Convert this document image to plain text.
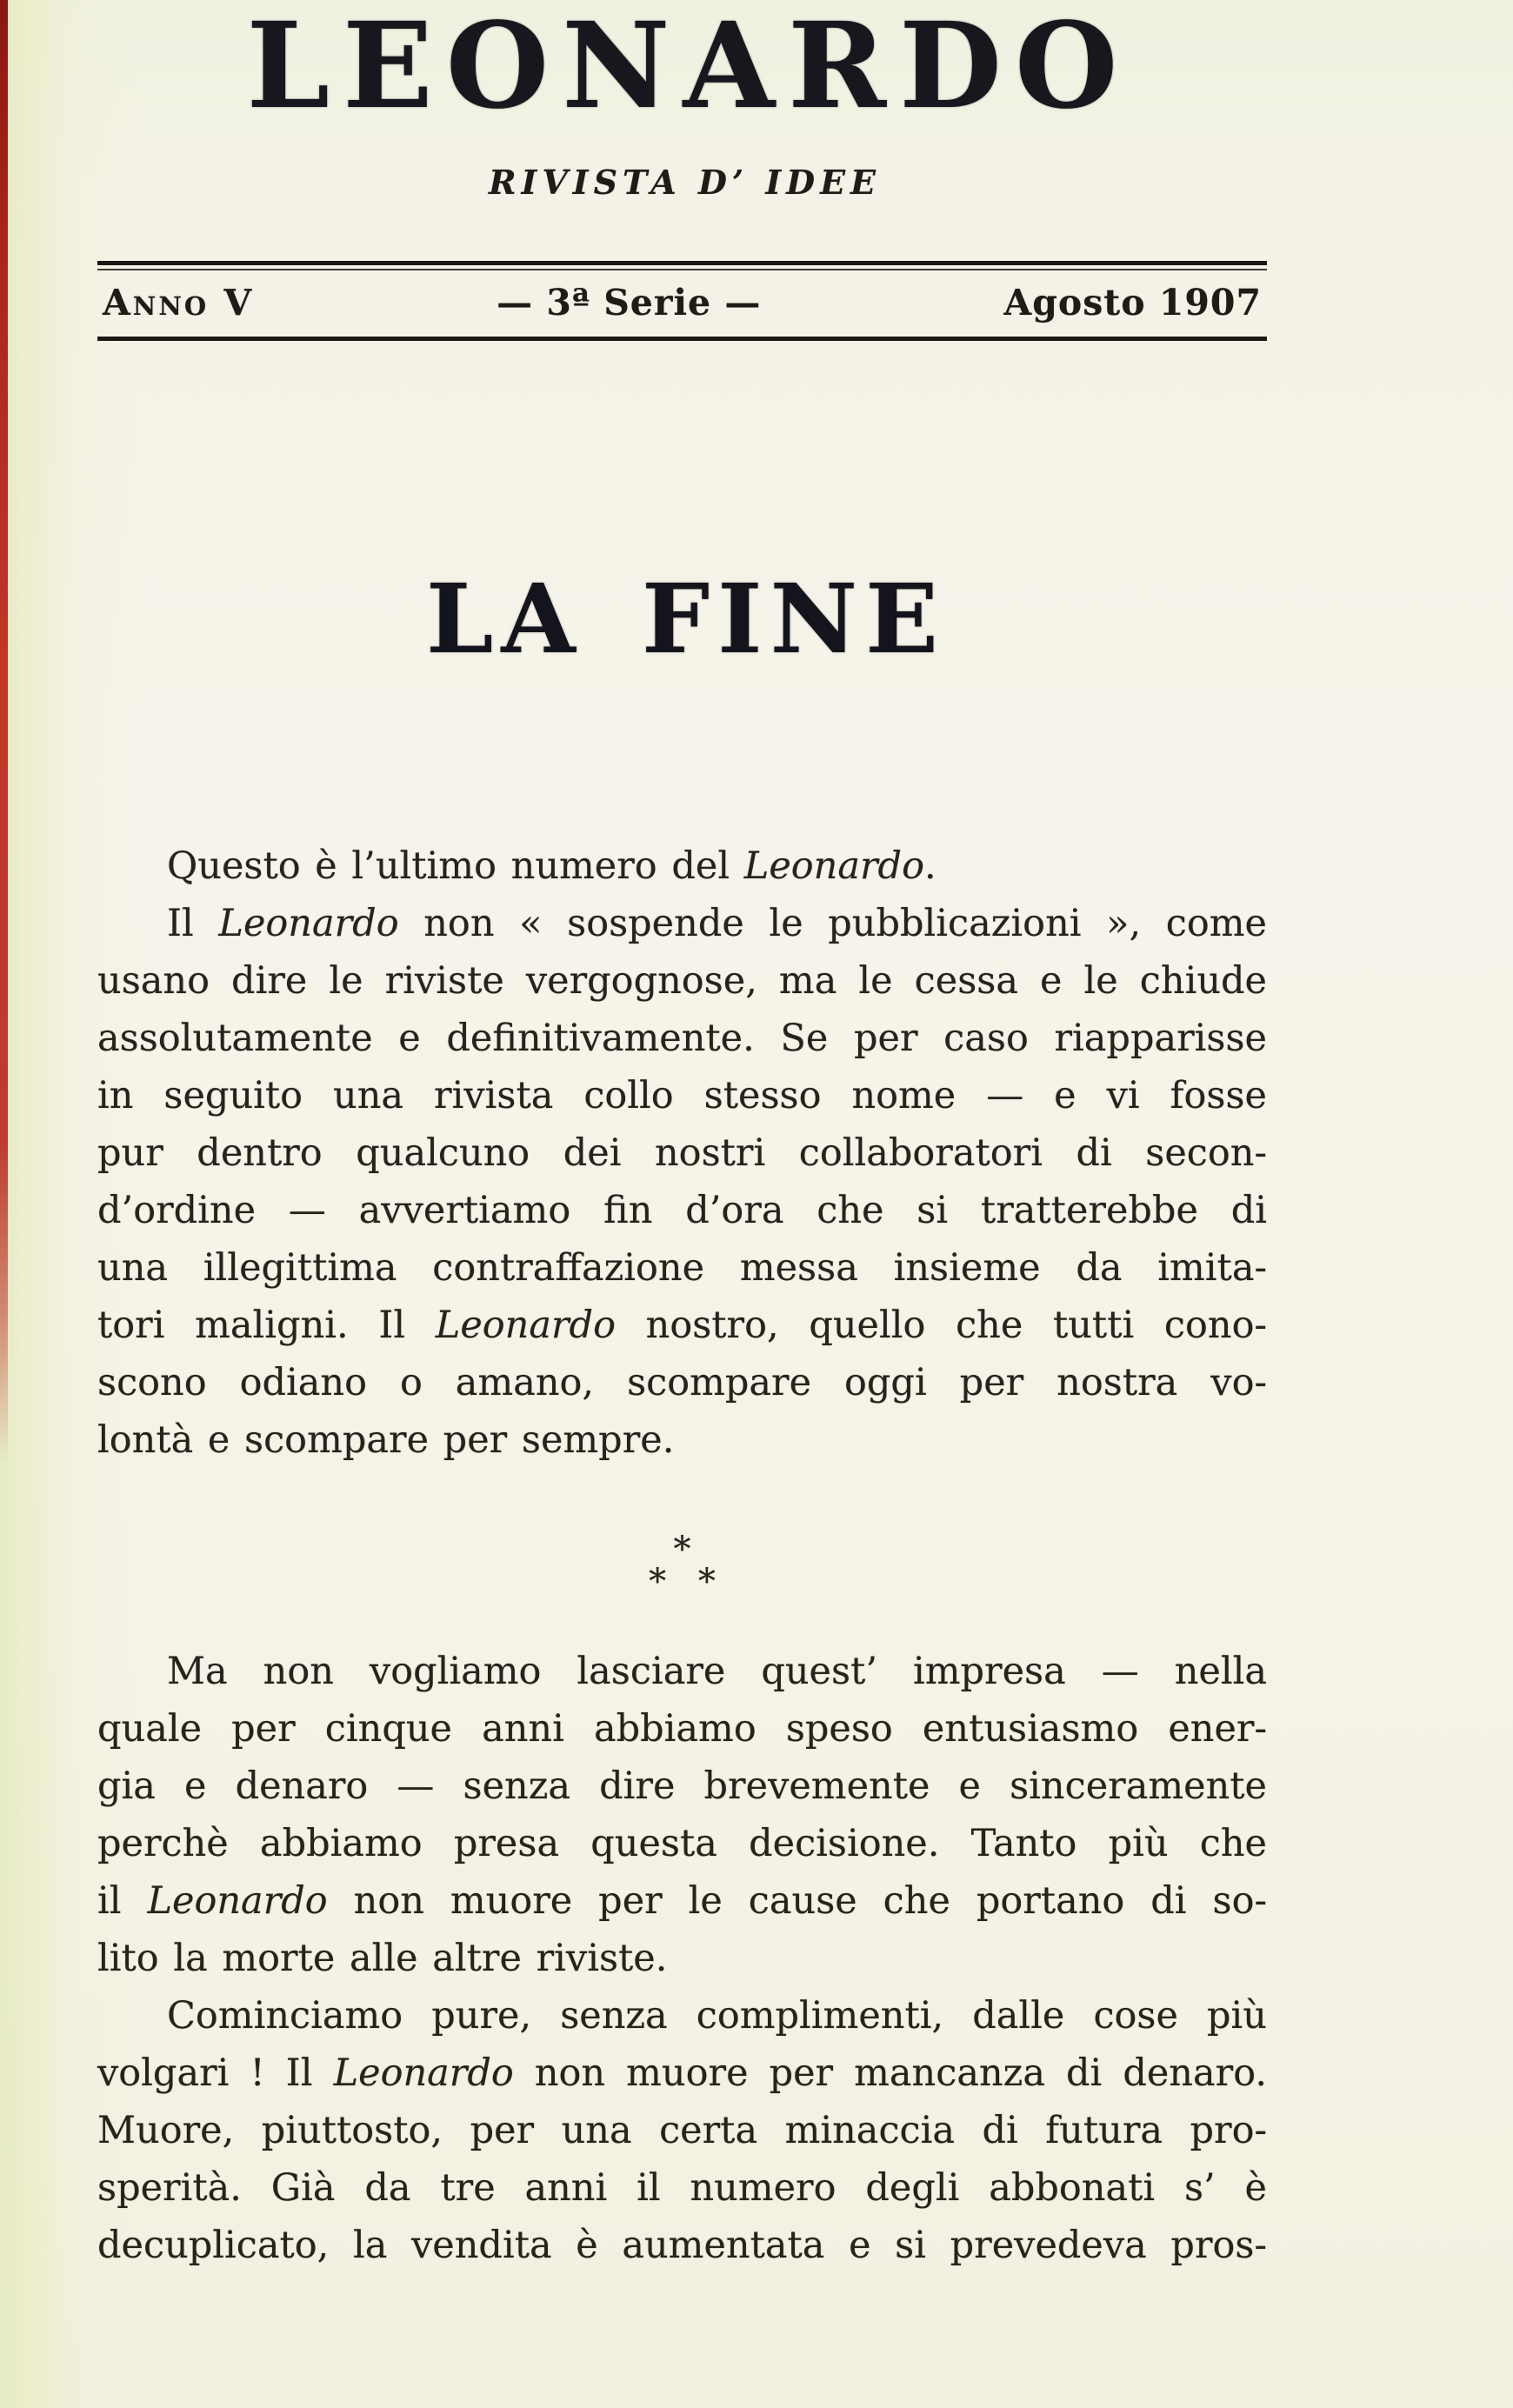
LEONARDO
RIVISTA D’ IDEE
Anno V	— 3ª Serie —	Agosto 1907
LA FINE
Questo è l’ultimo numero del Leonardo.
Il Leonardo non « sospende le pubblicazioni », come
usano dire le riviste vergognose, ma le cessa e le chiude
assolutamente e definitivamente. Se per caso riapparisse
in seguito una rivista collo stesso nome — e vi fosse
pur dentro qualcuno dei nostri collaboratori di secon-
d’ordine — avvertiamo fin d’ora che si tratterebbe di
una illegittima contraffazione messa insieme da imita-
tori maligni. Il Leonardo nostro, quello che tutti cono-
scono odiano o amano, scompare oggi per nostra vo-
lontà e scompare per sempre.
*
* *
Ma non vogliamo lasciare quest’ impresa — nella
quale per cinque anni abbiamo speso entusiasmo ener-
gia e denaro — senza dire brevemente e sinceramente
perchè abbiamo presa questa decisione. Tanto più che
il Leonardo non muore per le cause che portano di so-
lito la morte alle altre riviste.
Cominciamo pure, senza complimenti, dalle cose più
volgari ! Il Leonardo non muore per mancanza di denaro.
Muore, piuttosto, per una certa minaccia di futura pro-
sperità. Già da tre anni il numero degli abbonati s’ è
decuplicato, la vendita è aumentata e si prevedeva pros-
